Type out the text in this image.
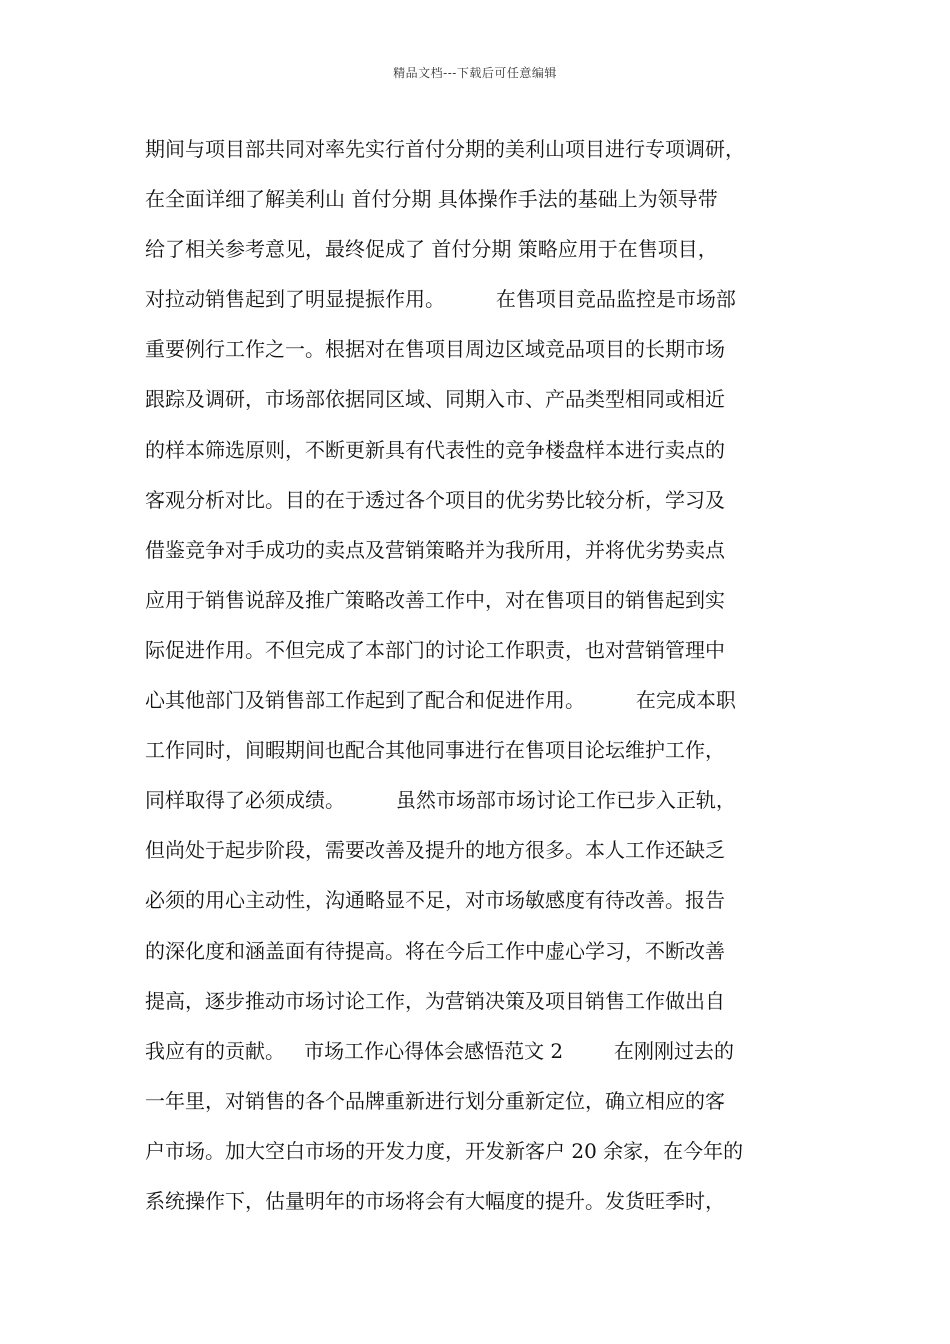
精品文档---下载后可任意编辑
期间与项目部共同对率先实行首付分期的美利山项目进行专项调研，
在全面详细了解美利山 首付分期 具体操作手法的基础上为领导带
给了相关参考意见，最终促成了 首付分期 策略应用于在售项目，
对拉动销售起到了明显提振作用。        在售项目竞品监控是市场部
重要例行工作之一。根据对在售项目周边区域竞品项目的长期市场
跟踪及调研，市场部依据同区域、同期入市、产品类型相同或相近
的样本筛选原则，不断更新具有代表性的竞争楼盘样本进行卖点的
客观分析对比。目的在于透过各个项目的优劣势比较分析，学习及
借鉴竞争对手成功的卖点及营销策略并为我所用，并将优劣势卖点
应用于销售说辞及推广策略改善工作中，对在售项目的销售起到实
际促进作用。不但完成了本部门的讨论工作职责，也对营销管理中
心其他部门及销售部工作起到了配合和促进作用。        在完成本职
工作同时，间暇期间也配合其他同事进行在售项目论坛维护工作，
同样取得了必须成绩。        虽然市场部市场讨论工作已步入正轨，
但尚处于起步阶段，需要改善及提升的地方很多。本人工作还缺乏
必须的用心主动性，沟通略显不足，对市场敏感度有待改善。报告
的深化度和涵盖面有待提高。将在今后工作中虚心学习，不断改善
提高，逐步推动市场讨论工作，为营销决策及项目销售工作做出自
我应有的贡献。   市场工作心得体会感悟范文 2        在刚刚过去的
一年里，对销售的各个品牌重新进行划分重新定位，确立相应的客
户市场。加大空白市场的开发力度，开发新客户 20 余家，在今年的
系统操作下，估量明年的市场将会有大幅度的提升。发货旺季时，
